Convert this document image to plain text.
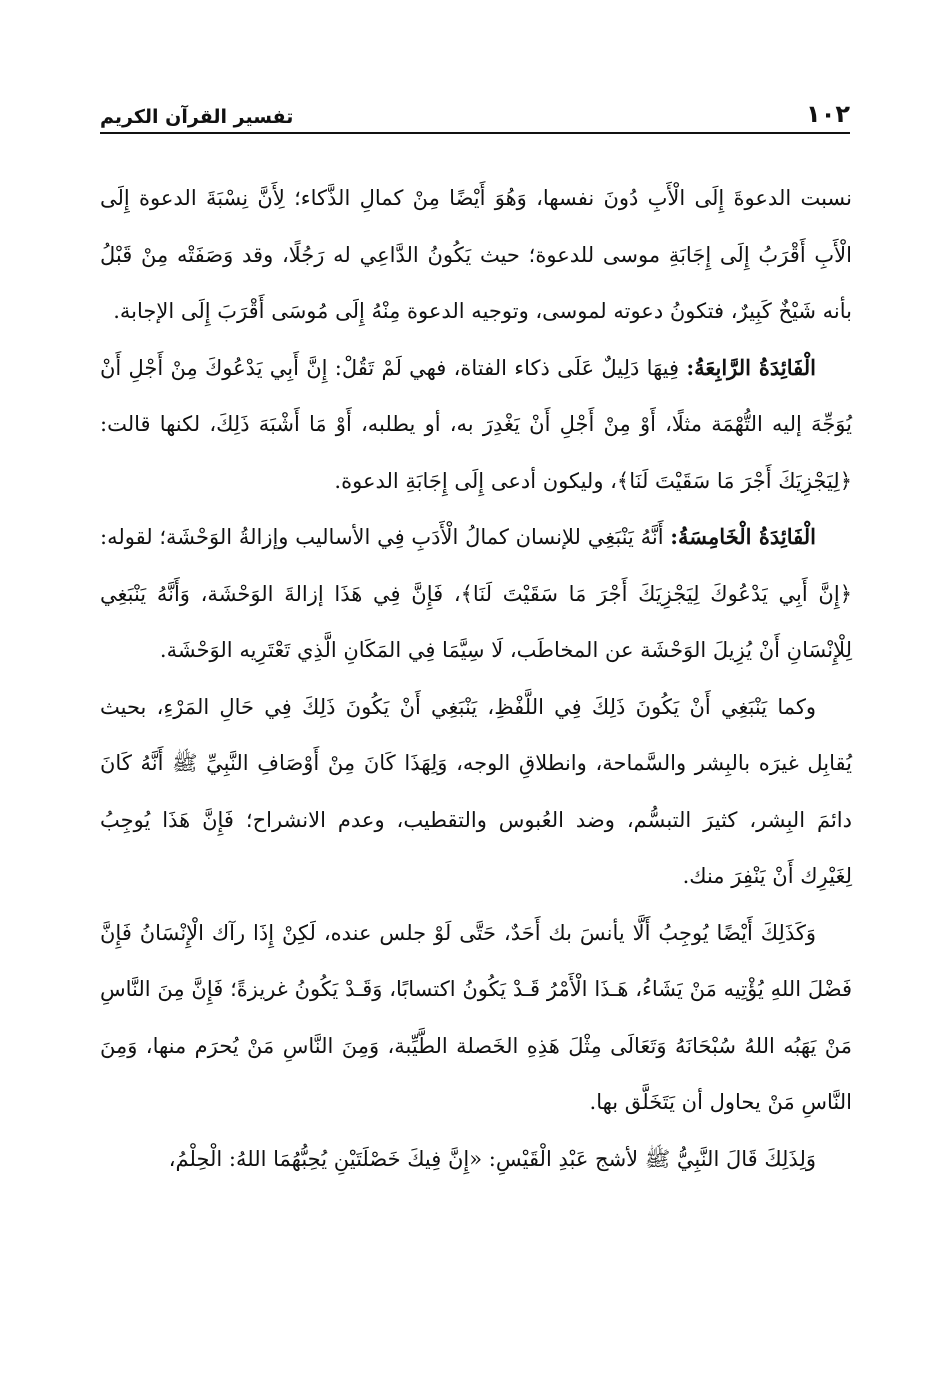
تفسير القرآن الكريم	١٠٢

نسبت الدعوةَ إِلَى الْأَبِ دُونَ نفسها، وَهُوَ أَيْضًا مِنْ كمالِ الذَّكاء؛ لِأَنَّ نِسْبَةَ الدعوة إِلَى الْأَبِ أَقْرَبُ إِلَى إِجَابَةِ موسى للدعوة؛ حيث يَكُونُ الدَّاعِي له رَجُلًا، وقد وَصَفَتْه مِنْ قَبْلُ بأنه شَيْخٌ كَبِيرٌ، فتكونُ دعوته لموسى، وتوجيه الدعوة مِنْهُ إِلَى مُوسَى أَقْرَبَ إِلَى الإجابة.

الْفَائِدَةُ الرَّابِعَةُ: فِيهَا دَلِيلٌ عَلَى ذكاء الفتاة، فهي لَمْ تَقُلْ: إِنَّ أَبِي يَدْعُوكَ مِنْ أَجْلِ أَنْ يُوَجِّهَ إليه التُّهْمَة مثلًا، أَوْ مِنْ أَجْلِ أَنْ يَغْدِرَ به، أو يطلبه، أَوْ مَا أَشْبَهَ ذَلِكَ، لكنها قالت: ﴿لِيَجْزِيَكَ أَجْرَ مَا سَقَيْتَ لَنَا﴾، وليكون أدعى إِلَى إِجَابَةِ الدعوة.

الْفَائِدَةُ الْخَامِسَةُ: أَنَّهُ يَنْبَغِي للإنسان كمالُ الْأَدَبِ فِي الأساليب وإزالةُ الوَحْشَة؛ لقوله: ﴿إِنَّ أَبِي يَدْعُوكَ لِيَجْزِيَكَ أَجْرَ مَا سَقَيْتَ لَنَا﴾، فَإِنَّ فِي هَذَا إزالةَ الوَحْشَة، وَأَنَّهُ يَنْبَغِي لِلْإِنْسَانِ أَنْ يُزِيلَ الوَحْشَة عن المخاطَب، لَا سِيَّمَا فِي المَكَانِ الَّذِي تَعْتَرِيه الوَحْشَة.

وكما يَنْبَغِي أَنْ يَكُونَ ذَلِكَ فِي اللَّفْظِ، يَنْبَغِي أَنْ يَكُونَ ذَلِكَ فِي حَالِ المَرْءِ، بحيث يُقابِل غيرَه بالبِشر والسَّماحة، وانطلاقِ الوجه، وَلِهَذَا كَانَ مِنْ أَوْصَافِ النَّبِيِّ ﷺ أَنَّهُ كَانَ دائمَ البِشر، كثيرَ التبسُّم، وضد العُبوس والتقطيب، وعدم الانشراح؛ فَإِنَّ هَذَا يُوجِبُ لِغَيْرِك أَنْ يَنْفِرَ منك.

وَكَذَلِكَ أَيْضًا يُوجِبُ أَلَّا يأنسَ بك أَحَدٌ، حَتَّى لَوْ جلس عنده، لَكِنْ إِذَا رآك الْإِنْسَانُ فَإِنَّ فَضْلَ اللهِ يُؤْتِيه مَنْ يَشَاءُ، هَـذَا الْأَمْرُ قَـدْ يَكُونُ اكتسابًا، وَقَـدْ يَكُونُ غريزةً؛ فَإِنَّ مِنَ النَّاسِ مَنْ يَهَبُه اللهُ سُبْحَانَهُ وَتَعَالَى مِثْلَ هَذِهِ الخَصلة الطَّيِّبة، وَمِنَ النَّاسِ مَنْ يُحرَم منها، وَمِنَ النَّاسِ مَنْ يحاول أن يَتَخَلَّق بها.

وَلِذَلِكَ قَالَ النَّبِيُّ ﷺ لأشج عَبْدِ الْقَيْسِ: «إِنَّ فِيكَ خَصْلَتَيْنِ يُحِبُّهُمَا اللهُ: الْحِلْمُ،
